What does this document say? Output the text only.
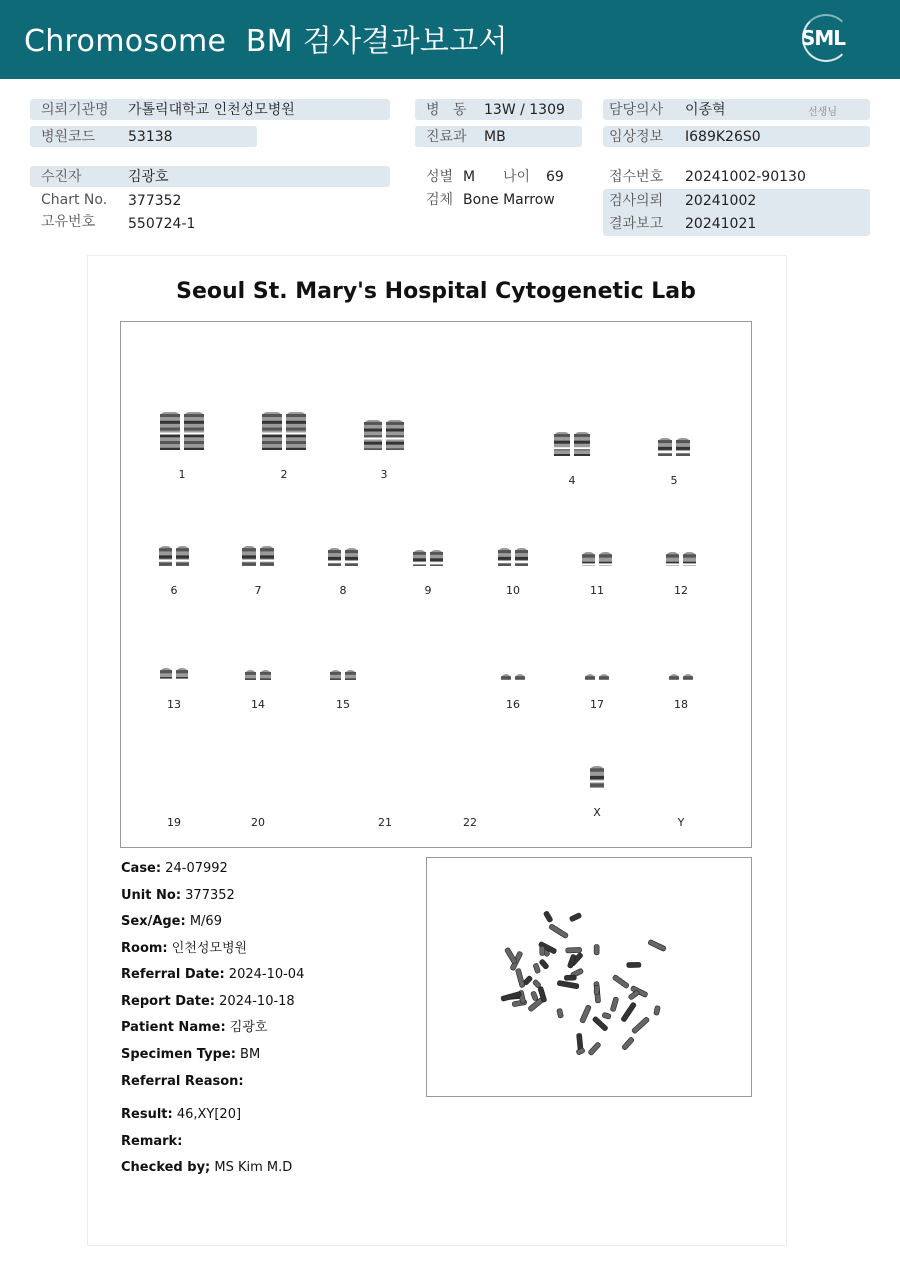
Chromosome  BM 검사결과보고서	SML
의뢰기관명 가톨릭대학교 인천성모병원
병원코드 53138
병   동 13W / 1309
진료과 MB
담당의사 이종혁	선생님
임상정보 I689K26S0
수진자	김광호
Chart No. 377352
고유번호 550724-1
성별 M 나이 69
검체 Bone Marrow
접수번호 20241002-90130
검사의뢰 20241002
결과보고 20241021
Seoul St. Mary's Hospital Cytogenetic Lab
1	2	3	4	5
6	7	8	9	10	11	12
13	14	15	16	17	18
19	20	21	22
X
Y
Case: 24-07992
Unit No: 377352
Sex/Age: M/69
Room: 인천성모병원
Referral Date: 2024-10-04
Report Date: 2024-10-18
Patient Name: 김광호
Specimen Type: BM
Referral Reason:
Result: 46,XY[20]
Remark:
Checked by; MS Kim M.D
